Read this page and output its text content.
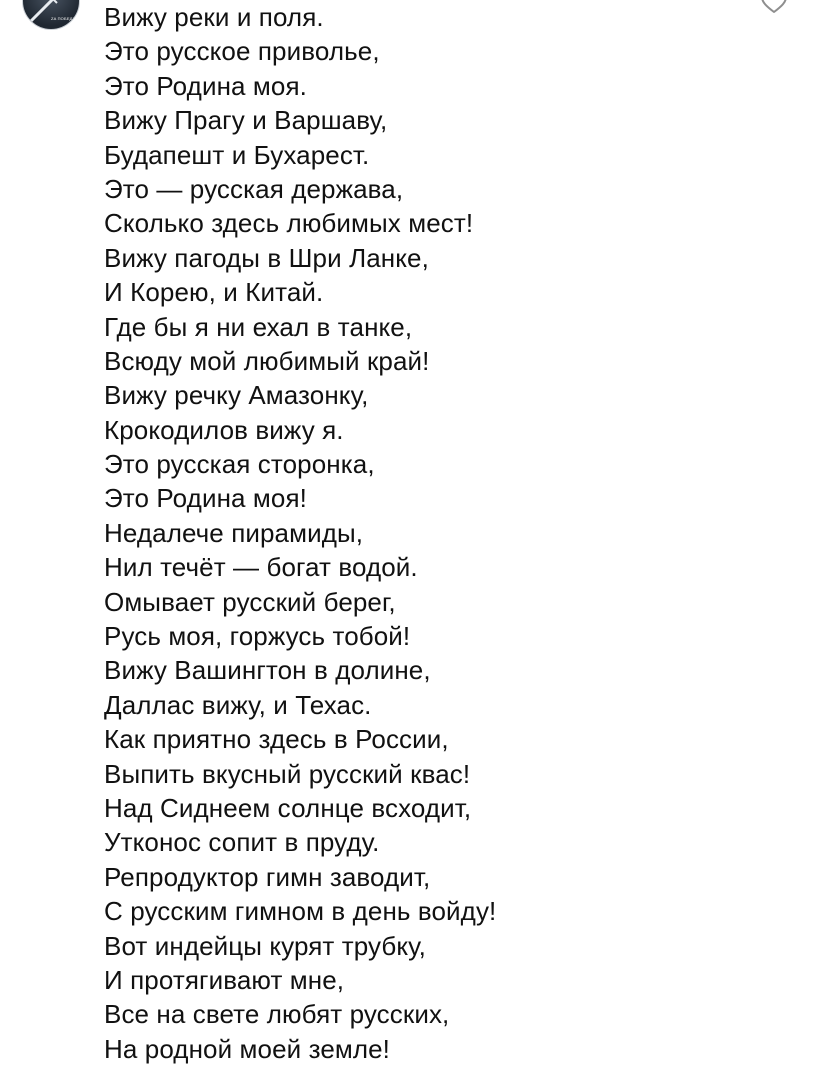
ZA ПОБЕДУ Вижу реки и поля.
Это русское приволье,
Это Родина моя.
Вижу Прагу и Варшаву,
Будапешт и Бухарест.
Это — русская держава,
Сколько здесь любимых мест!
Вижу пагоды в Шри Ланке,
И Корею, и Китай.
Где бы я ни ехал в танке,
Всюду мой любимый край!
Вижу речку Амазонку,
Крокодилов вижу я.
Это русская сторонка,
Это Родина моя!
Недалече пирамиды,
Нил течёт — богат водой.
Омывает русский берег,
Русь моя, горжусь тобой!
Вижу Вашингтон в долине,
Даллас вижу, и Техас.
Как приятно здесь в России,
Выпить вкусный русский квас!
Над Сиднеем солнце всходит,
Утконос сопит в пруду.
Репродуктор гимн заводит,
С русским гимном в день войду!
Вот индейцы курят трубку,
И протягивают мне,
Все на свете любят русских,
На родной моей земле!
